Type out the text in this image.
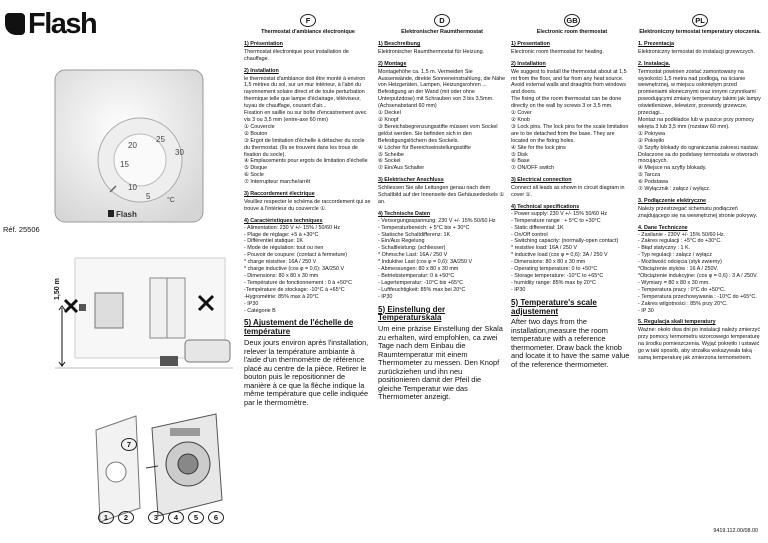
Flash
20
25
30
15
10
5 °C
Flash
Réf. 25506
1,50 m
1	2	3	4	5	6
7
F
Thermostat d'ambiance électronique
1) Présentation
Thermostat électronique pour installation de chauffage.
2) Installation
le thermostat d'ambiance doit être monté à environ 1,5 mètres du sol, sur un mur intérieur, à l'abri du rayonnement solaire direct et de toute perturbation thermique telle que lampe d'éclairage, téléviseur, tuyau de chauffage, courant d'air...
Fixation en saillie ou sur boîte d'encastrement avec vis 3 ou 3,5 mm (entre-axe 60 mm)
① Couvercle
② Bouton
③ Ergot de limitation d'échelle à détacher du socle du thermostat. (Ils se trouvent dans les trous de fixation du socle).
④ Emplacements pour ergots de limitation d'échelle
⑤ Disque
⑥ Socle
⑦ Interrupteur marche/arrêt
3) Raccordement électrique
Veuillez respecter le schéma de raccordement qui se trouve à l'intérieur du couvercle ①.
4) Caractéristiques techniques
- Alimentation: 230 V +/- 15% / 50/60 Hz
- Plage de réglage: +5 à +30°C
- Différentiel statique: 1K
- Mode de régulation: tout ou rien
- Pouvoir de coupure: (contact à fermeture)
* charge résistive: 16A / 250 V
* charge inductive (cos φ = 0,6): 3A/250 V
- Dimensions: 80 x 80 x 30 mm
- Température de fonctionnement : 0 à +50°C
-Température de stockage: -10°C à +65°C
-Hygrométrie: 85% max à 20°C
- IP30
- Catégorie B
5) Ajustement de l'échelle de température
Deux jours environ après l'installation, relever la température ambiante à l'aide d'un thermomètre de référence placé au centre de la pièce. Retirer le bouton puis le repositionner de manière à ce que la flèche indique la même température que celle indiquée par le thermomètre.
D
Elektronischer Raumthermostat
1) Beschreibung
Elektronischer Raumthermostat für Heizung.
2) Montage
Montagehöhe ca. 1,5 m. Vermeiden Sie Aussenwände, direkte Sonneneinstrahlung, die Nähe von Heizgeräten, Lampen, Heizungsrohren ...
Befestigung an der Wand (mit oder ohne Unterputzdose) mit Schrauben von 3 bis 3,5mm. (Achsenabstand 60 mm)
① Deckel
② Knopf
③ Bereichsbegrenzungsstifte müssen vom Sockel gelöst werden. Sie befinden sich in den Befestigungslöchern des Sockels.
④ Löcher für Bereichseinstellungsstifte
⑤ Scheibe
⑥ Sockel
⑦ Ein/Aus Schalter
3) Elektrischer Anschluss
Schliessen Sie alle Leitungen genau nach dem Schaltbild auf der Innenseite des Gehäusedeckels ① an.
4) Technische Daten
- Versorgungsspannung: 230 V +/- 15% 50/60 Hz
- Temperaturbereich: + 5°C bis + 30°C
- Statische Schaltdifferenz: 1K
- Ein/Aus Regelung
- Schaltleistung: (schliesser)
* Ohmsche Last: 16A / 250 V
* Induktive Last (cos φ = 0,6): 3A/250 V
- Abmessungen: 80 x 80 x 30 mm
- Betriebstemperatur: 0 à +50°C
- Lagertemperatur: -10°C bis +65°C
- Luftfeuchtigkeit: 85% max bei 20°C
- IP30
5) Einstellung der Temperaturskala
Um eine präzise Einstellung der Skala zu erhalten, wird empfohlen, ca zwei Tage nach dem Einbau die Raumtemperatur mit einem Thermometer zu messen. Den Knopf zurückziehen und ihn neu positionieren damit der Pfeil die gleiche Temperatur wie das Thermometer anzeigt.
GB
Electronic room thermostat
1) Presentation
Electronic room thermostat for heating.
2) Installation
We suggest to install the thermostat about at 1,5 mt from the floor, and far from any heat source.
Avoid external walls and draughts from windows and doors.
The fixing of the room thermostat can be done directly on the wall by screws 3 or 3,5 mm.
① Cover
② Knob
③ Lock pins. The lock pins for the scale limitation are to be detached from the base. They are located on the fixing holes.
④ Site for the lock pins
⑤ Disk
⑥ Base
⑦ ON/OFF switch
3) Electrical connection
Connect all leads as shown in circuit diagram in cover ①.
4) Technical specifications
- Power supply: 230 V +/- 15% 50/60 Hz
- Temperature range : + 5°C to +30°C
- Static differential: 1K
- On/Off control
- Switching capacity: (normally-open contact)
* resistive load: 16A / 250 V
* inductive load (cos φ = 0,6): 3A / 250 V
- Dimensions: 80 x 80 x 30 mm
- Operating temperature: 0 to +50°C
- Storage temperature: -10°C to +65°C
- humidity range: 85% max by 20°C
- IP30
5) Temperature's scale adjustement
After two days from the installation,measure the room temperature with a reference thermometer. Draw back the knob and locate it to have the same value of the reference thermometer.
PL
Elektroniczny termostat temperatury otoczenia.
1. Prezentacja
Elektroniczny termostat do instalacji grzewczych.
2. Instalacja.
Termostat powinien zostać zamontowany na wysokości 1,5 metra nad podłogą, na ścianie wewnętrznej, w miejscu osłoniętym przed promieniami słonecznymi oraz innymi czynnikami powodującymi zmiany temperatury takimi jak lampy oświetleniowe, telewizor, przewody grzewcze, przeciągi...
Montaż na podkładce lub w puszce przy pomocy wkręta 3 lub 3,5 mm (rozstaw 60 mm).
① Pokrywa
② Pokrętło
③ Szyfty blokady do ograniczania zakresu nastaw. Dolaczone sa do podstawy termostatu w otworach mocujących.
④ Miejsce na szyfty blokady.
⑤ Tarcza
⑥ Podstawa
⑦ Wyłącznik : załącz / wyłącz.
3. Podłączenie elektryczne
Należy przestrzegać schematu podłączeń znajdującego się na wewnętrznej stronie pokrywy.
4. Dane Techniczne
- Zasilanie - 230V +/- 15% 50/60 Hz.
- Zakres regulacji : +5°C do +30°C.
- Błąd statyczny : 1 K.
- Typ regulacji : załącz / wyłącz
- Możliwość odcięcia (styk zwierny)
*Obciążenie styków : 16 A / 250V.
*Obciążenie indukcyjne: (cos φ = 0,6) : 3 A / 250V.
- Wymiary = 80 x 80 x 30 mm.
- Temperatura pracy : 0°C do +50°C.
- Temperatura przechowywania : -10°C do +65°C.
- Zakres wilgotności : 85% przy 20°C.
- IP 30
5. Regulacja skali temperatury
Ważne: około dwa dni po instalacji należy zmierzyć przy pomocy termometru wzorcowego temperaturę na środku pomieszczenia. Wyjąć pokrętło i ustawić go w taki sposób, aby strzałka wskazywała taką samą temperaturę jak zmierzona termometrem.
9419.112.00/08.00
